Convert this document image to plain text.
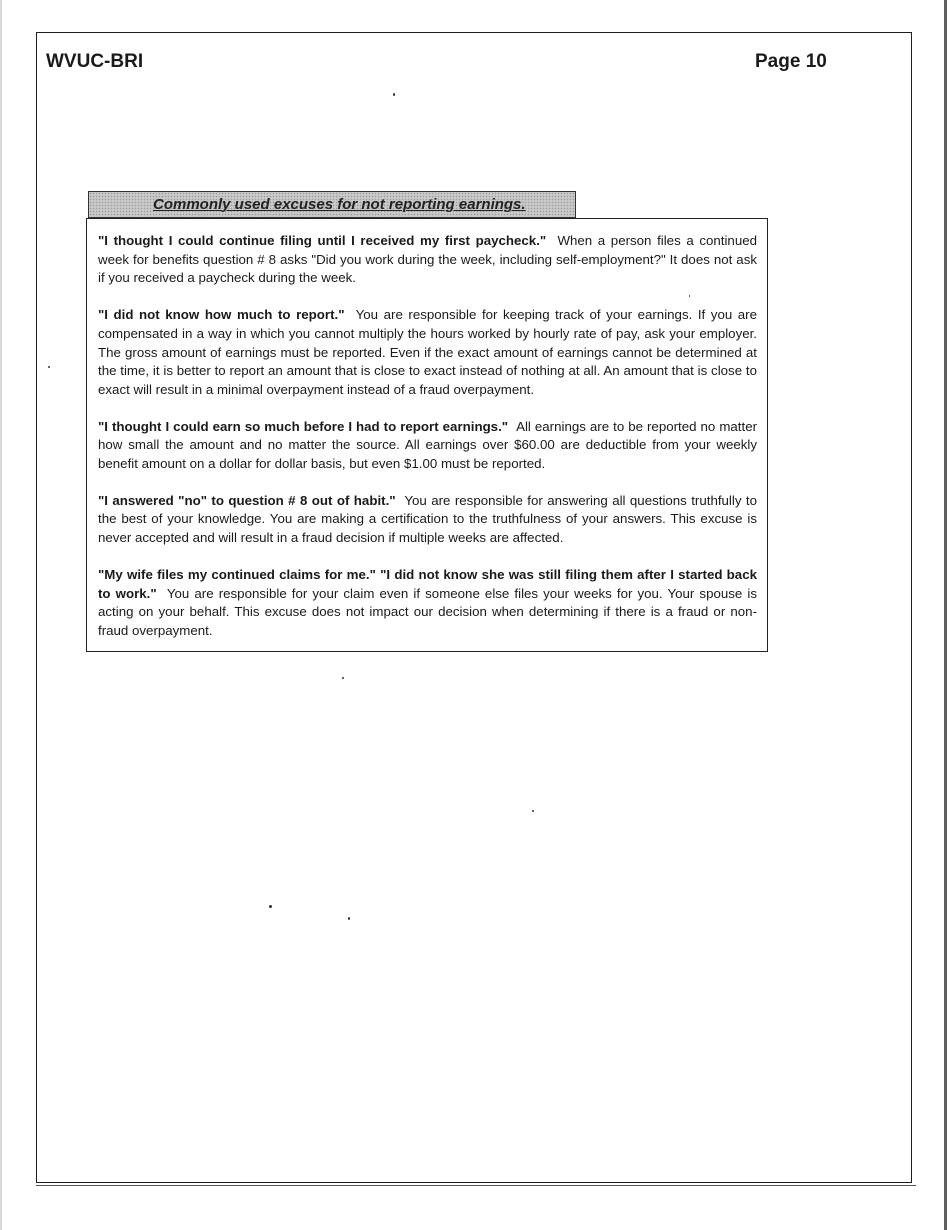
WVUC-BRI	Page 10
Commonly used excuses for not reporting earnings.

"I thought I could continue filing until I received my first paycheck." When a person files a continued week for benefits question # 8 asks "Did you work during the week, including self-employment?" It does not ask if you received a paycheck during the week.

"I did not know how much to report." You are responsible for keeping track of your earnings. If you are compensated in a way in which you cannot multiply the hours worked by hourly rate of pay, ask your employer. The gross amount of earnings must be reported. Even if the exact amount of earnings cannot be determined at the time, it is better to report an amount that is close to exact instead of nothing at all. An amount that is close to exact will result in a minimal overpayment instead of a fraud overpayment.

"I thought I could earn so much before I had to report earnings." All earnings are to be reported no matter how small the amount and no matter the source. All earnings over $60.00 are deductible from your weekly benefit amount on a dollar for dollar basis, but even $1.00 must be reported.

"I answered "no" to question # 8 out of habit." You are responsible for answering all questions truthfully to the best of your knowledge. You are making a certification to the truthfulness of your answers. This excuse is never accepted and will result in a fraud decision if multiple weeks are affected.

"My wife files my continued claims for me." "I did not know she was still filing them after I started back to work." You are responsible for your claim even if someone else files your weeks for you. Your spouse is acting on your behalf. This excuse does not impact our decision when determining if there is a fraud or non-fraud overpayment.
